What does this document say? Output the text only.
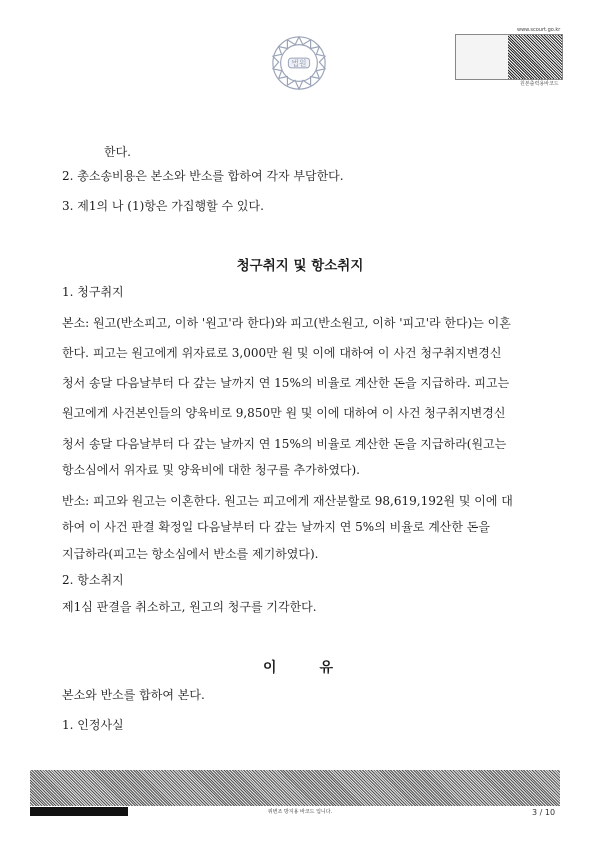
법원
www.scourt.go.kr
원본출력용바코드
한다.
2. 총소송비용은 본소와 반소를 합하여 각자 부담한다.
3. 제1의 나 (1)항은 가집행할 수 있다.
청구취지 및 항소취지
1. 청구취지
본소: 원고(반소피고, 이하 '원고'라 한다)와 피고(반소원고, 이하 '피고'라 한다)는 이혼
한다. 피고는 원고에게 위자료로 3,000만 원 및 이에 대하여 이 사건 청구취지변경신
청서 송달 다음날부터 다 갚는 날까지 연 15%의 비율로 계산한 돈을 지급하라. 피고는
원고에게 사건본인들의 양육비로 9,850만 원 및 이에 대하여 이 사건 청구취지변경신
청서 송달 다음날부터 다 갚는 날까지 연 15%의 비율로 계산한 돈을 지급하라(원고는
항소심에서 위자료 및 양육비에 대한 청구를 추가하였다).
반소: 피고와 원고는 이혼한다. 원고는 피고에게 재산분할로 98,619,192원 및 이에 대
하여 이 사건 판결 확정일 다음날부터 다 갚는 날까지 연 5%의 비율로 계산한 돈을
지급하라(피고는 항소심에서 반소를 제기하였다).
2. 항소취지
제1심 판결을 취소하고, 원고의 청구를 기각한다.
이	유
본소와 반소를 합하여 본다.
1. 인정사실
위변조 방지용 바코드 입니다.	3 / 10
